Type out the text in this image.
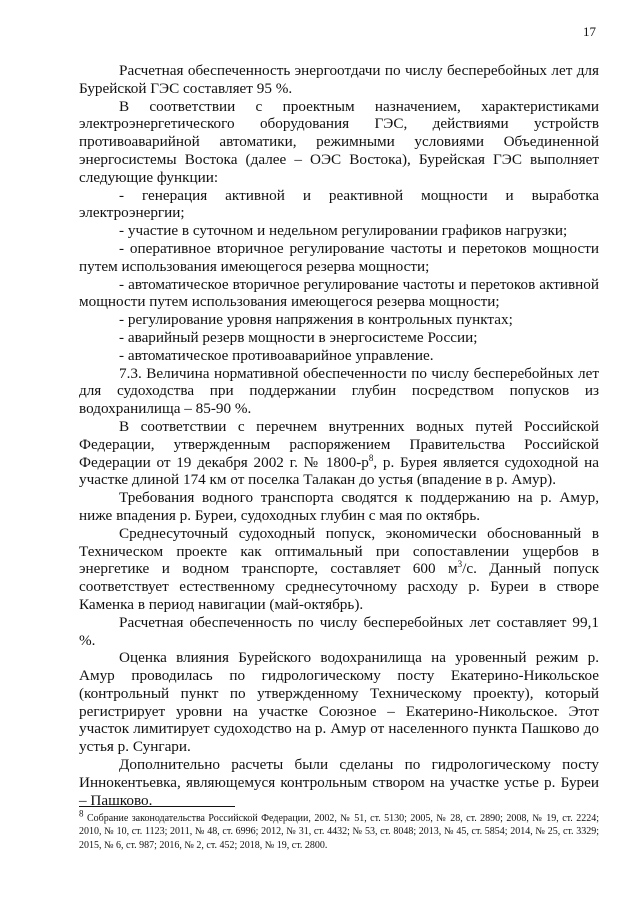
17

Расчетная обеспеченность энергоотдачи по числу бесперебойных лет для Бурейской ГЭС составляет 95 %.

В соответствии с проектным назначением, характеристиками электроэнергетического оборудования ГЭС, действиями устройств противоаварийной автоматики, режимными условиями Объединенной энергосистемы Востока (далее – ОЭС Востока), Бурейская ГЭС выполняет следующие функции:

- генерация активной и реактивной мощности и выработка электроэнергии;

- участие в суточном и недельном регулировании графиков нагрузки;

- оперативное вторичное регулирование частоты и перетоков мощности путем использования имеющегося резерва мощности;

- автоматическое вторичное регулирование частоты и перетоков активной мощности путем использования имеющегося резерва мощности;

- регулирование уровня напряжения в контрольных пунктах;

- аварийный резерв мощности в энергосистеме России;

- автоматическое противоаварийное управление.

7.3. Величина нормативной обеспеченности по числу бесперебойных лет для судоходства при поддержании глубин посредством попусков из водохранилища – 85-90 %.

В соответствии с перечнем внутренних водных путей Российской Федерации, утвержденным распоряжением Правительства Российской Федерации от 19 декабря 2002 г. № $1800-р^8$, р. Бурея является судоходной на участке длиной 174 км от поселка Талакан до устья (впадение в р. Амур).

Требования водного транспорта сводятся к поддержанию на р. Амур, ниже впадения р. Буреи, судоходных глубин с мая по октябрь.

Среднесуточный судоходный попуск, экономически обоснованный в Техническом проекте как оптимальный при сопоставлении ущербов в энергетике и водном транспорте, составляет 600 $м^3/с$. Данный попуск соответствует естественному среднесуточному расходу р. Буреи в створе Каменка в период навигации (май-октябрь).

Расчетная обеспеченность по числу бесперебойных лет составляет 99,1 %.

Оценка влияния Бурейского водохранилища на уровенный режим р. Амур проводилась по гидрологическому посту Екатерино-Никольское (контрольный пункт по утвержденному Техническому проекту), который регистрирует уровни на участке Союзное – Екатерино-Никольское. Этот участок лимитирует судоходство на р. Амур от населенного пункта Пашково до устья р. Сунгари.

Дополнительно расчеты были сделаны по гидрологическому посту Иннокентьевка, являющемуся контрольным створом на участке устье р. Буреи – Пашково.

$^8$ Собрание законодательства Российской Федерации, 2002, № 51, ст. 5130; 2005, № 28, ст. 2890; 2008, № 19, ст. 2224; 2010, № 10, ст. 1123; 2011, № 48, ст. 6996; 2012, № 31, ст. 4432; № 53, ст. 8048; 2013, № 45, ст. 5854; 2014, № 25, ст. 3329; 2015, № 6, ст. 987; 2016, № 2, ст. 452; 2018, № 19, ст. 2800.
